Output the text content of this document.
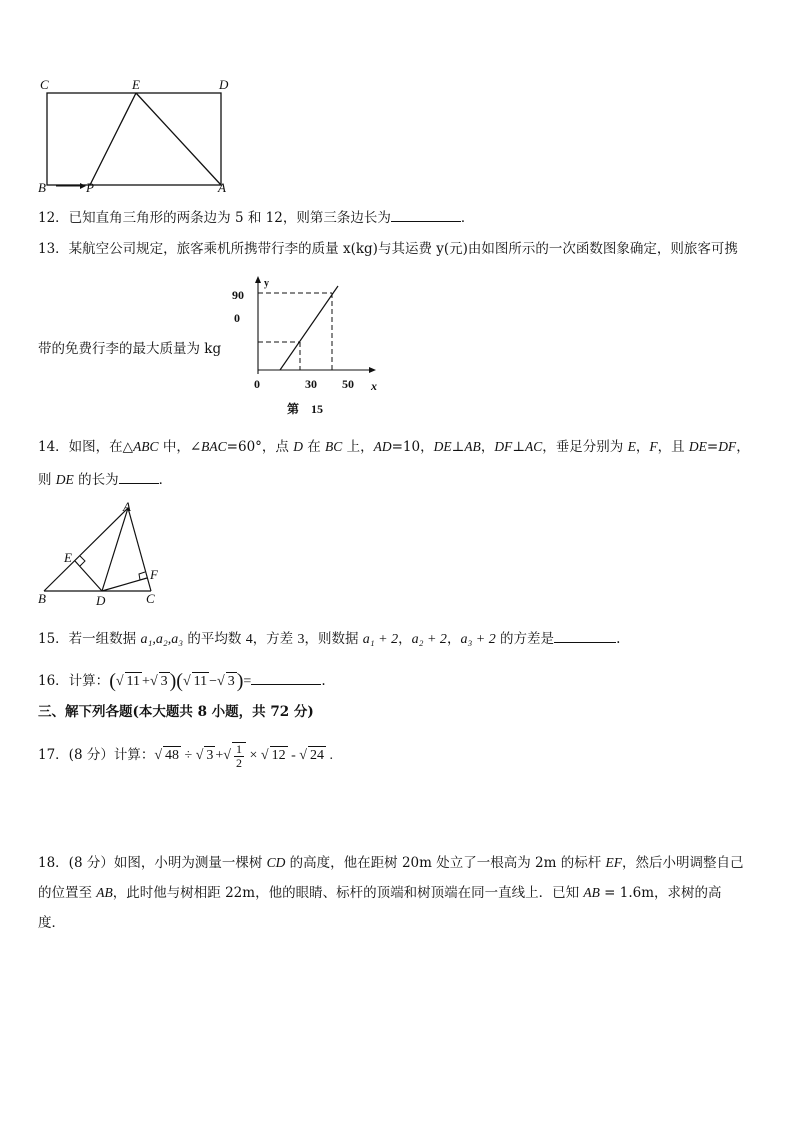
C	E	D
B	P	A
12．已知直角三角形的两条边为 5 和 12，则第三条边长为	．
13．某航空公司规定，旅客乘机所携带行李的质量 x(kg)与其运费 y(元)由如图所示的一次函数图象确定，则旅客可携
y
90
0
0	30 50 x
第　15
带的免费行李的最大质量为 kg
14．如图，在△ABC 中，∠BAC=60°，点 D 在 BC 上，AD=10，DE⊥AB，DF⊥AC，垂足分别为 E，F，且 DE=DF，
则 DE 的长为	．
A
E
F
B	D	C
15．若一组数据 a₁,a₂,a₃ 的平均数 4，方差 3，则数据 a₁ + 2，a₂ + 2，a₃ + 2 的方差是	.
16．计算：(√ 11 +√ 3 )(√ 11 −√ 3 )=	.
三、解下列各题(本大题共 8 小题，共 72 分)
17．(8 分）计算：√ 48 ÷ √ 3 +√ $\frac{1}{2}$ × √ 12 - √ 24 .
18．(8 分）如图，小明为测量一棵树 CD 的高度，他在距树 20m 处立了一根高为 2m 的标杆 EF，然后小明调整自己
的位置至 AB，此时他与树相距 22m，他的眼睛、标杆的顶端和树顶端在同一直线上．已知 AB = 1.6m，求树的高
度．
